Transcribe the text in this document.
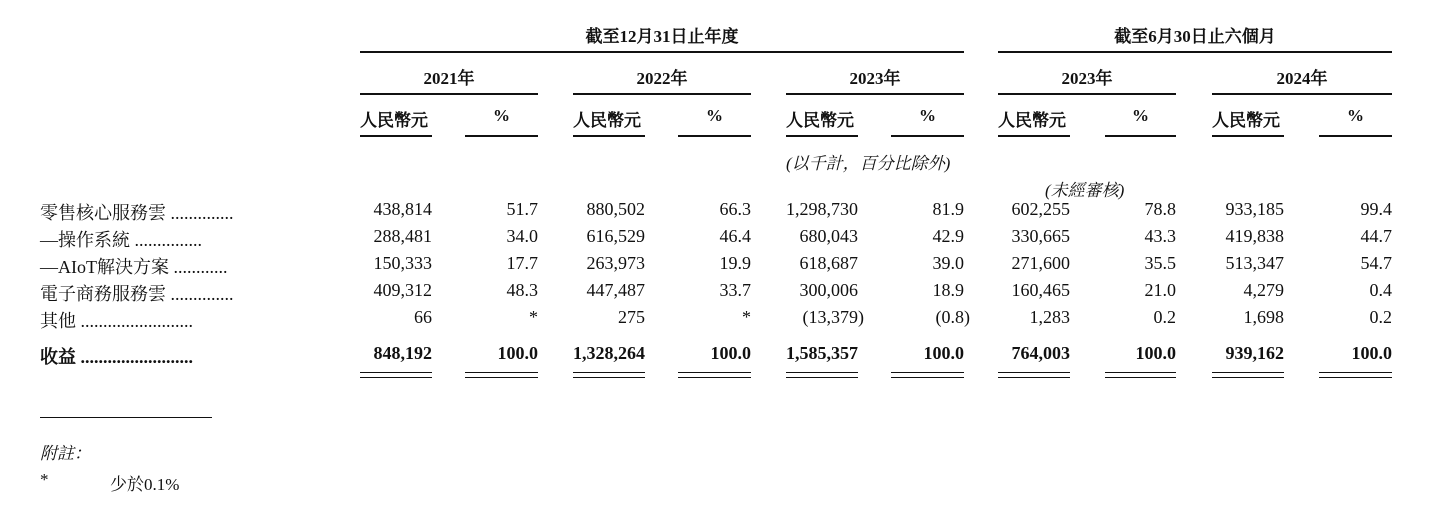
截至12月31日止年度	截至6月30日止六個月
2021年	2022年	2023年	2023年	2024年
人民幣元	%	人民幣元	%	人民幣元	%	人民幣元	%	人民幣元	%
(以千計，百分比除外)
(未經審核)
零售核心服務雲 ..............	438,814	51.7	880,502	66.3 1,298,730	81.9	602,255	78.8	933,185	99.4
—操作系統 ...............	288,481	34.0	616,529	46.4	680,043	42.9	330,665	43.3	419,838	44.7
—AIoT解決方案 ............	150,333	17.7	263,973	19.9	618,687	39.0	271,600	35.5	513,347	54.7
電子商務服務雲 ..............	409,312	48.3	447,487	33.7	300,006	18.9	160,465	21.0	4,279	0.4
其他 .........................	66	*	275	*	(13,379)	(0.8)	1,283	0.2	1,698	0.2
收益 .........................	848,192	100.0 1,328,264	100.0 1,585,357	100.0	764,003	100.0	939,162	100.0
附註：
*	少於0.1%
